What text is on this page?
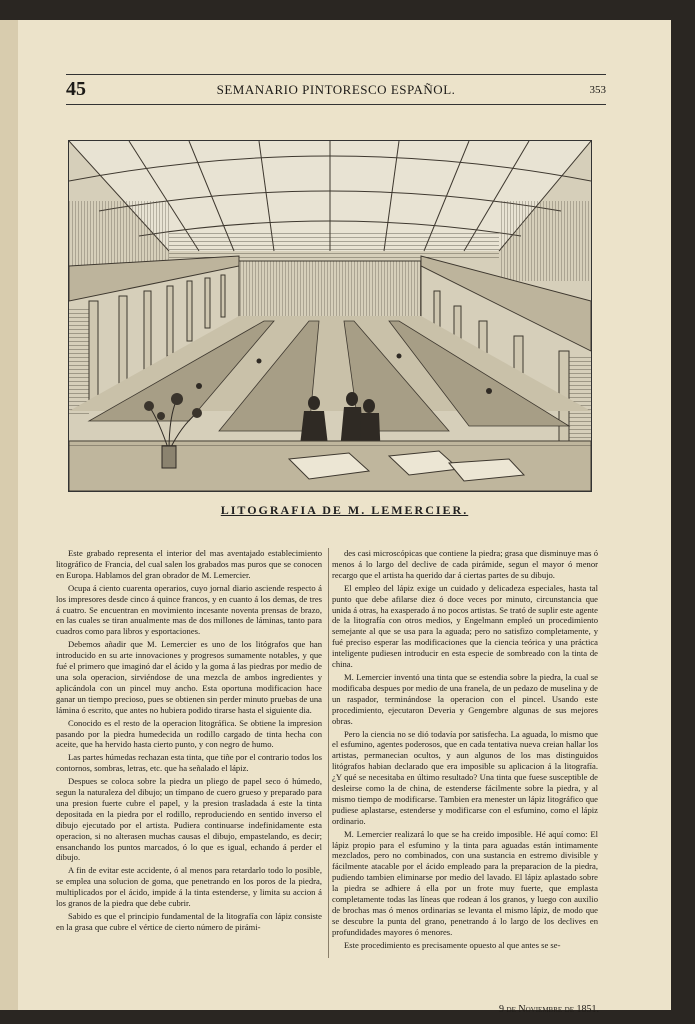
45	SEMANARIO PINTORESCO ESPAÑOL.	353
LITOGRAFIA DE M. LEMERCIER.

Este grabado representa el interior del mas aventajado establecimiento litográfico de Francia, del cual salen los grabados mas puros que se conocen en Europa. Hablamos del gran obrador de M. Lemercier.

Ocupa á ciento cuarenta operarios, cuyo jornal diario asciende respecto á los impresores desde cinco á quince francos, y en cuanto á los demas, de tres á cuatro. Se encuentran en movimiento incesante noventa prensas de brazo, en las cuales se tiran anualmente mas de dos millones de láminas, tanto para cuadros como para libros y esportaciones.

Debemos añadir que M. Lemercier es uno de los litógrafos que han introducido en su arte innovaciones y progresos sumamente notables, y que fué el primero que imaginó dar el ácido y la goma á las piedras por medio de una sola operacion, sirviéndose de una mezcla de ambos ingredientes y aplicándola con un pincel muy ancho. Esta oportuna modificacion hace ganar un tiempo precioso, pues se obtienen sin perder minuto pruebas de una lámina ó escrito, que antes no hubiera podido tirarse hasta el siguiente dia.

Conocido es el resto de la operacion litográfica. Se obtiene la impresion pasando por la piedra humedecida un rodillo cargado de tinta hecha con aceite, que ha hervido hasta cierto punto, y con negro de humo.

Las partes húmedas rechazan esta tinta, que tiñe por el contrario todos los contornos, sombras, letras, etc. que ha señalado el lápiz.

Despues se coloca sobre la piedra un pliego de papel seco ó húmedo, segun la naturaleza del dibujo; un tímpano de cuero grueso y preparado para una presion fuerte cubre el papel, y la presion trasladada á este la tinta depositada en la piedra por el rodillo, reproduciendo en sentido inverso el dibujo ejecutado por el artista. Pudiera continuarse indefinidamente esta operacion, si no alterasen muchas causas el dibujo, empastelando, es decir; ensanchando los puntos marcados, ó lo que es igual, echando á perder el dibujo.

A fin de evitar este accidente, ó al menos para retardarlo todo lo posible, se emplea una solucion de goma, que penetrando en los poros de la piedra, multiplicados por el ácido, impide á la tinta estenderse, y limita su accion á los granos de la piedra que debe cubrir.

Sabido es que el principio fundamental de la litografía con lápiz consiste en la grasa que cubre el vértice de cierto número de pirámi-

des casi microscópicas que contiene la piedra; grasa que disminuye mas ó menos á lo largo del declive de cada pirámide, segun el mayor ó menor recargo que el artista ha querido dar á ciertas partes de su dibujo.

El empleo del lápiz exige un cuidado y delicadeza especiales, hasta tal punto que debe afilarse diez ó doce veces por minuto, circunstancia que unida á otras, ha exasperado á no pocos artistas. Se trató de suplir este agente de la litografía con otros medios, y Engelmann empleó un procedimiento semejante al que se usa para la aguada; pero no satisfizo completamente, y fué preciso esperar las modificaciones que la ciencia teórica y una práctica inteligente pudiesen introducir en esta especie de sombreado con la tinta de china.

M. Lemercier inventó una tinta que se estendia sobre la piedra, la cual se modificaba despues por medio de una franela, de un pedazo de muselina y de un raspador, terminándose la operacion con el pincel. Usando este procedimiento, ejecutaron Deveria y Gengembre algunas de sus mejores obras.

Pero la ciencia no se dió todavía por satisfecha. La aguada, lo mismo que el esfumino, agentes poderosos, que en cada tentativa nueva creian hallar los artistas, permanecian ocultos, y aun algunos de los mas distinguidos litógrafos habian declarado que era imposible su aplicacion á la litografía. ¿Y qué se necesitaba en último resultado? Una tinta que fuese susceptible de desleirse como la de china, de estenderse fácilmente sobre la piedra, y al mismo tiempo de modificarse. Tambien era menester un lápiz litográfico que pudiese aplastarse, estenderse y modificarse con el esfumino, como el lápiz ordinario.

M. Lemercier realizará lo que se ha creido imposible. Hé aquí como: El lápiz propio para el esfumino y la tinta para aguadas están intimamente mezclados, pero no combinados, con una sustancia en estremo divisible y fácilmente atacable por el ácido empleado para la preparacion de la piedra, pudiendo tambien eliminarse por medio del lavado. El lápiz aplastado sobre la piedra se adhiere á ella por un frote muy fuerte, que emplasta completamente todas las líneas que rodean á los granos, y luego con auxilio de brochas mas ó menos ordinarias se levanta el mismo lápiz, de modo que se descubre la punta del grano, penetrando á lo largo de los declives en profundidades mayores ó menores.

Este procedimiento es precisamente opuesto al que antes se se-

9 de Noviembre de 1851.
